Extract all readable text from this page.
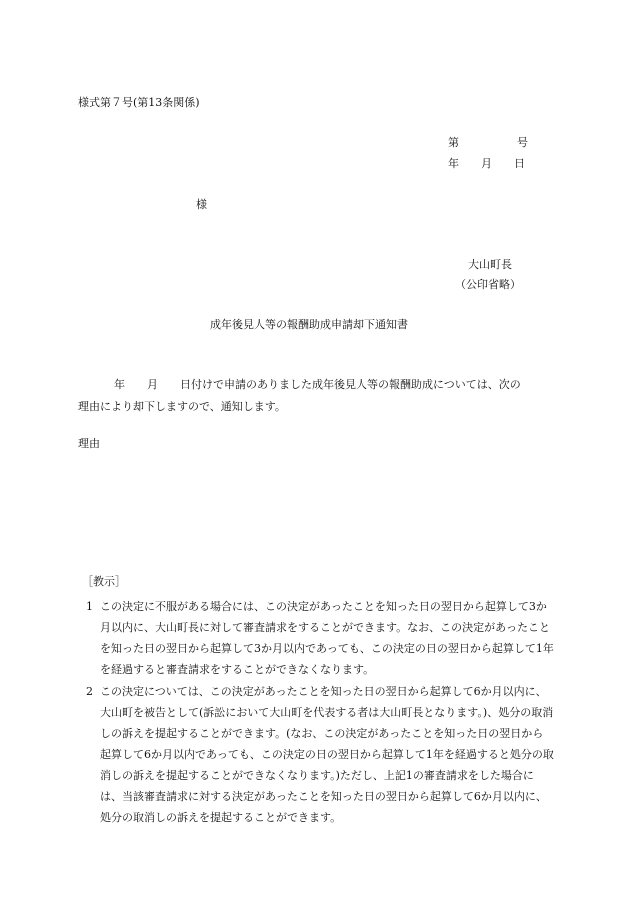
様式第７号(第13条関係)
第	号
年 月 日
様
大山町長
（公印省略）
成年後見人等の報酬助成申請却下通知書

年 月 日付けで申請のありました成年後見人等の報酬助成については、次の

理由により却下しますので、通知します。

理由
［教示］
1 この決定に不服がある場合には、この決定があったことを知った日の翌日から起算して3か月以内に、大山町長に対して審査請求をすることができます。なお、この決定があったことを知った日の翌日から起算して3か月以内であっても、この決定の日の翌日から起算して1年を経過すると審査請求をすることができなくなります。
2 この決定については、この決定があったことを知った日の翌日から起算して6か月以内に、大山町を被告として(訴訟において大山町を代表する者は大山町長となります。)、処分の取消しの訴えを提起することができます。(なお、この決定があったことを知った日の翌日から起算して6か月以内であっても、この決定の日の翌日から起算して1年を経過すると処分の取消しの訴えを提起することができなくなります。)ただし、上記1の審査請求をした場合には、当該審査請求に対する決定があったことを知った日の翌日から起算して6か月以内に、処分の取消しの訴えを提起することができます。
